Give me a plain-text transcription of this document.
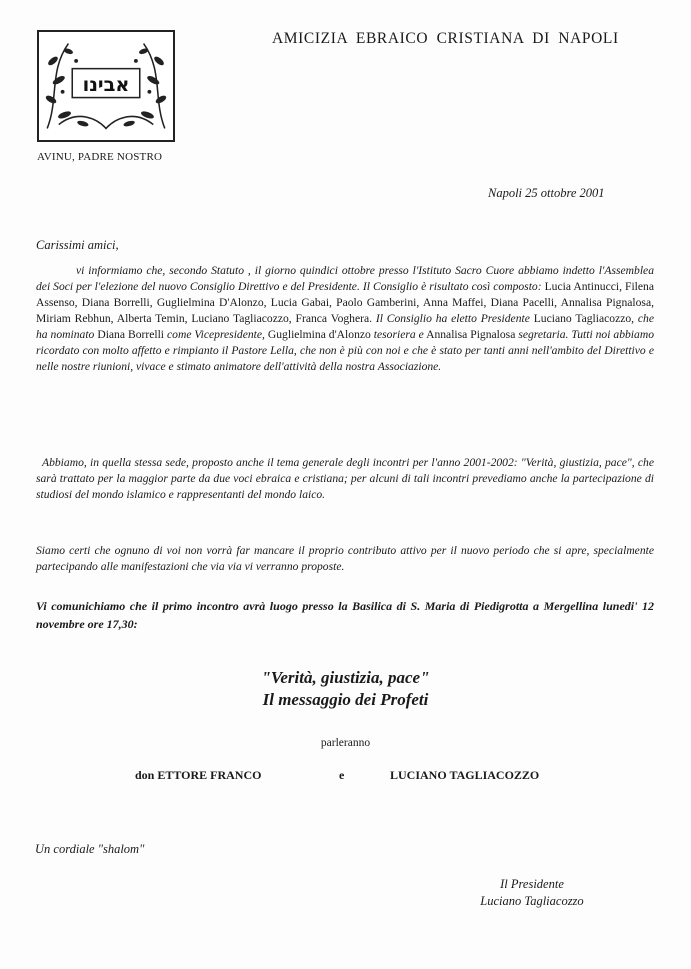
אבינו
AMICIZIA EBRAICO CRISTIANA DI NAPOLI
AVINU, PADRE NOSTRO
Napoli 25 ottobre 2001
Carissimi amici,

vi informiamo che, secondo Statuto , il giorno quindici ottobre presso l'Istituto Sacro Cuore abbiamo indetto l'Assemblea dei Soci per l'elezione del nuovo Consiglio Direttivo e del Presidente. Il Consiglio è risultato così composto: Lucia Antinucci, Filena Assenso, Diana Borrelli, Guglielmina D'Alonzo, Lucia Gabai, Paolo Gamberini, Anna Maffei, Diana Pacelli, Annalisa Pignalosa, Miriam Rebhun, Alberta Temin, Luciano Tagliacozzo, Franca Voghera. Il Consiglio ha eletto Presidente Luciano Tagliacozzo, che ha nominato Diana Borrelli come Vicepresidente, Guglielmina d'Alonzo tesoriera e Annalisa Pignalosa segretaria. Tutti noi abbiamo ricordato con molto affetto e rimpianto il Pastore Lella, che non è più con noi e che è stato per tanti anni nell'ambito del Direttivo e nelle nostre riunioni, vivace e stimato animatore dell'attività della nostra Associazione.

Abbiamo, in quella stessa sede, proposto anche il tema generale degli incontri per l'anno 2001-2002: "Verità, giustizia, pace", che sarà trattato per la maggior parte da due voci ebraica e cristiana; per alcuni di tali incontri prevediamo anche la partecipazione di studiosi del mondo islamico e rappresentanti del mondo laico.

Siamo certi che ognuno di voi non vorrà far mancare il proprio contributo attivo per il nuovo periodo che si apre, specialmente partecipando alle manifestazioni che via via vi verranno proposte.

Vi comunichiamo che il primo incontro avrà luogo presso la Basilica di S. Maria di Piedigrotta a Mergellina lunedi' 12 novembre ore 17,30:

"Verità, giustizia, pace"
Il messaggio dei Profeti
parleranno
don ETTORE FRANCO	e	LUCIANO TAGLIACOZZO
Un cordiale "shalom"
Il Presidente
Luciano Tagliacozzo
